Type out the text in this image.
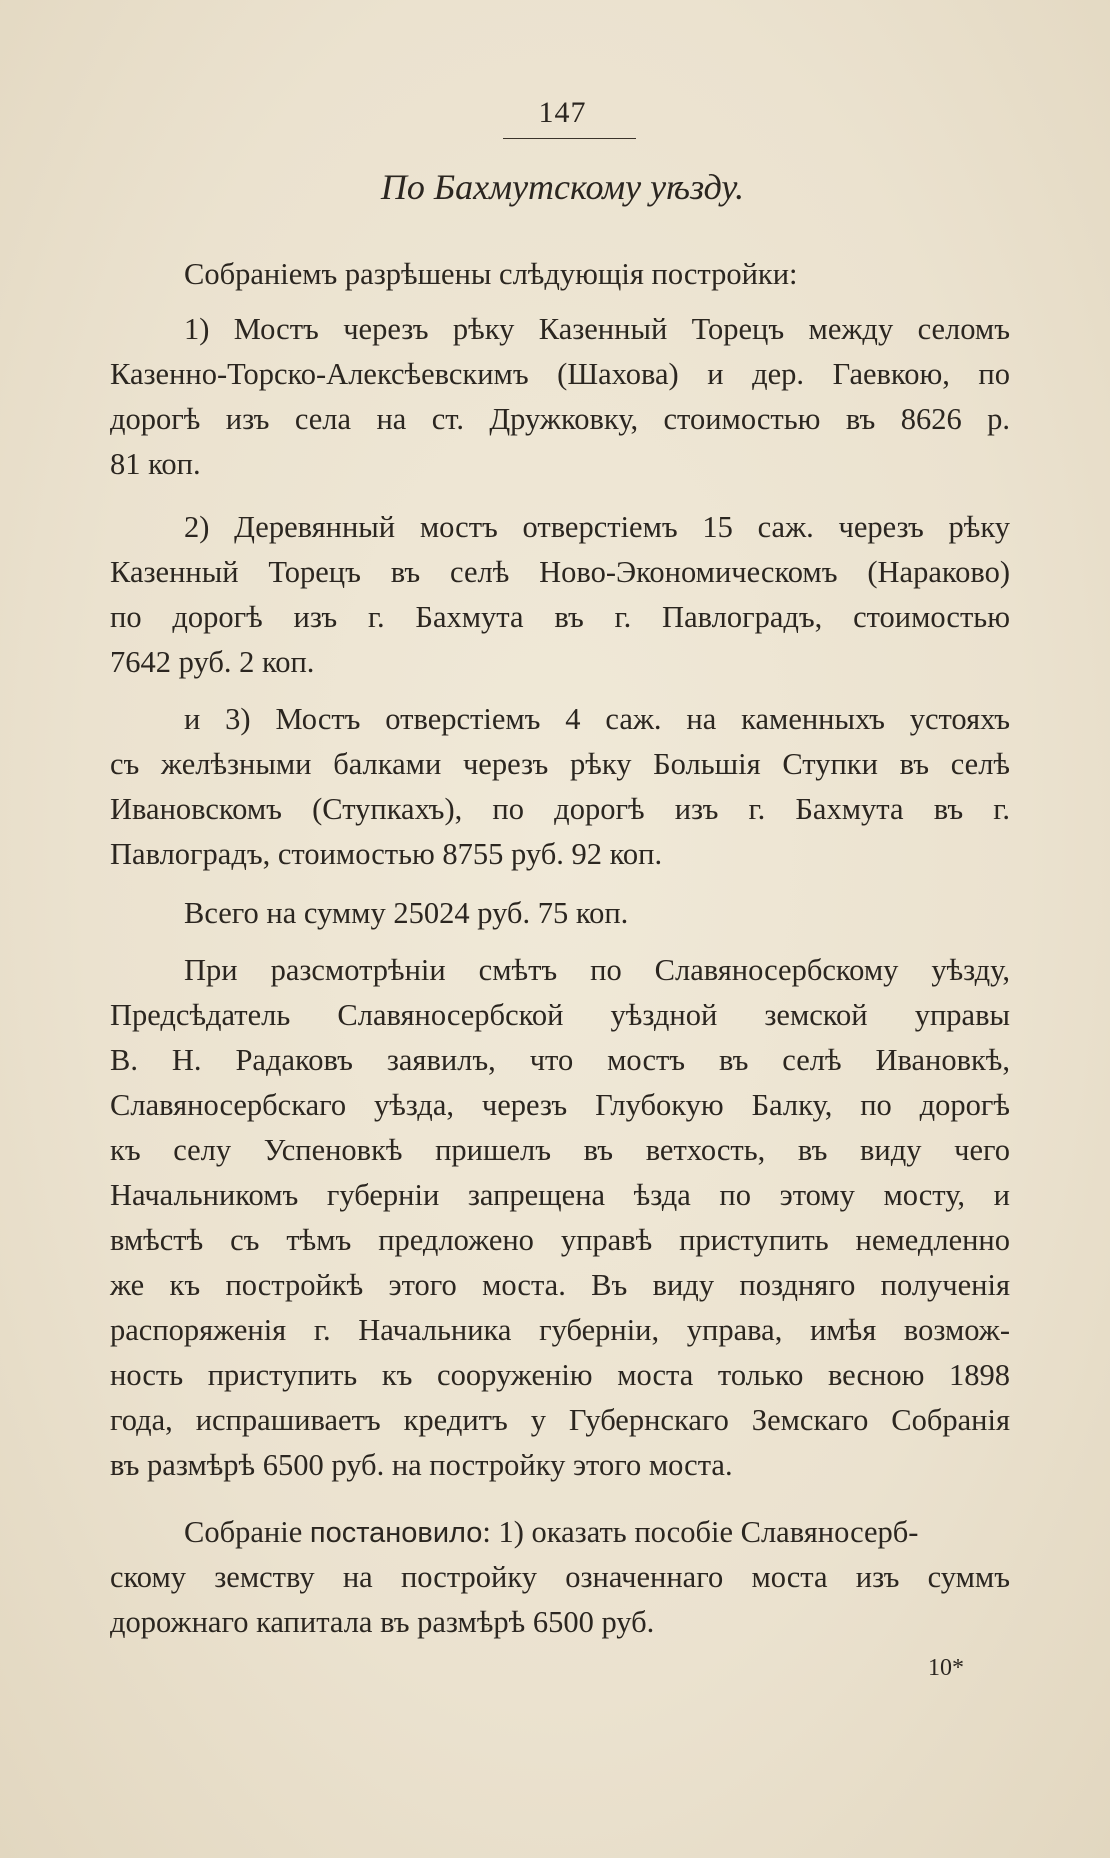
147
По Бахмутскому уѣзду.
Собраніемъ разрѣшены слѣдующія постройки:
1) Мостъ черезъ рѣку Казенный Торецъ между селомъ
Казенно-Торско-Алексѣевскимъ (Шахова) и дер. Гаевкою, по
дорогѣ изъ села на ст. Дружковку, стоимостью въ 8626 р.
81 коп.
2) Деревянный мостъ отверстіемъ 15 саж. черезъ рѣку
Казенный Торецъ въ селѣ Ново-Экономическомъ (Нараково)
по дорогѣ изъ г. Бахмута въ г. Павлоградъ, стоимостью
7642 руб. 2 коп.
и 3) Мостъ отверстіемъ 4 саж. на каменныхъ устояхъ
съ желѣзными балками черезъ рѣку Большія Ступки въ селѣ
Ивановскомъ (Ступкахъ), по дорогѣ изъ г. Бахмута въ г.
Павлоградъ, стоимостью 8755 руб. 92 коп.
Всего на сумму 25024 руб. 75 коп.
При разсмотрѣніи смѣтъ по Славяносербскому уѣзду,
Предсѣдатель Славяносербской уѣздной земской управы
В. Н. Радаковъ заявилъ, что мостъ въ селѣ Ивановкѣ,
Славяносербскаго уѣзда, черезъ Глубокую Балку, по дорогѣ
къ селу Успеновкѣ пришелъ въ ветхость, въ виду чего
Начальникомъ губерніи запрещена ѣзда по этому мосту, и
вмѣстѣ съ тѣмъ предложено управѣ приступить немедленно
же къ постройкѣ этого моста. Въ виду поздняго полученія
распоряженія г. Начальника губерніи, управа, имѣя возмож-
ность приступить къ сооруженію моста только весною 1898
года, испрашиваетъ кредитъ у Губернскаго Земскаго Собранія
въ размѣрѣ 6500 руб. на постройку этого моста.
Собраніе постановило: 1) оказать пособіе Славяносерб-
скому земству на постройку означеннаго моста изъ суммъ
дорожнаго капитала въ размѣрѣ 6500 руб.
10*
